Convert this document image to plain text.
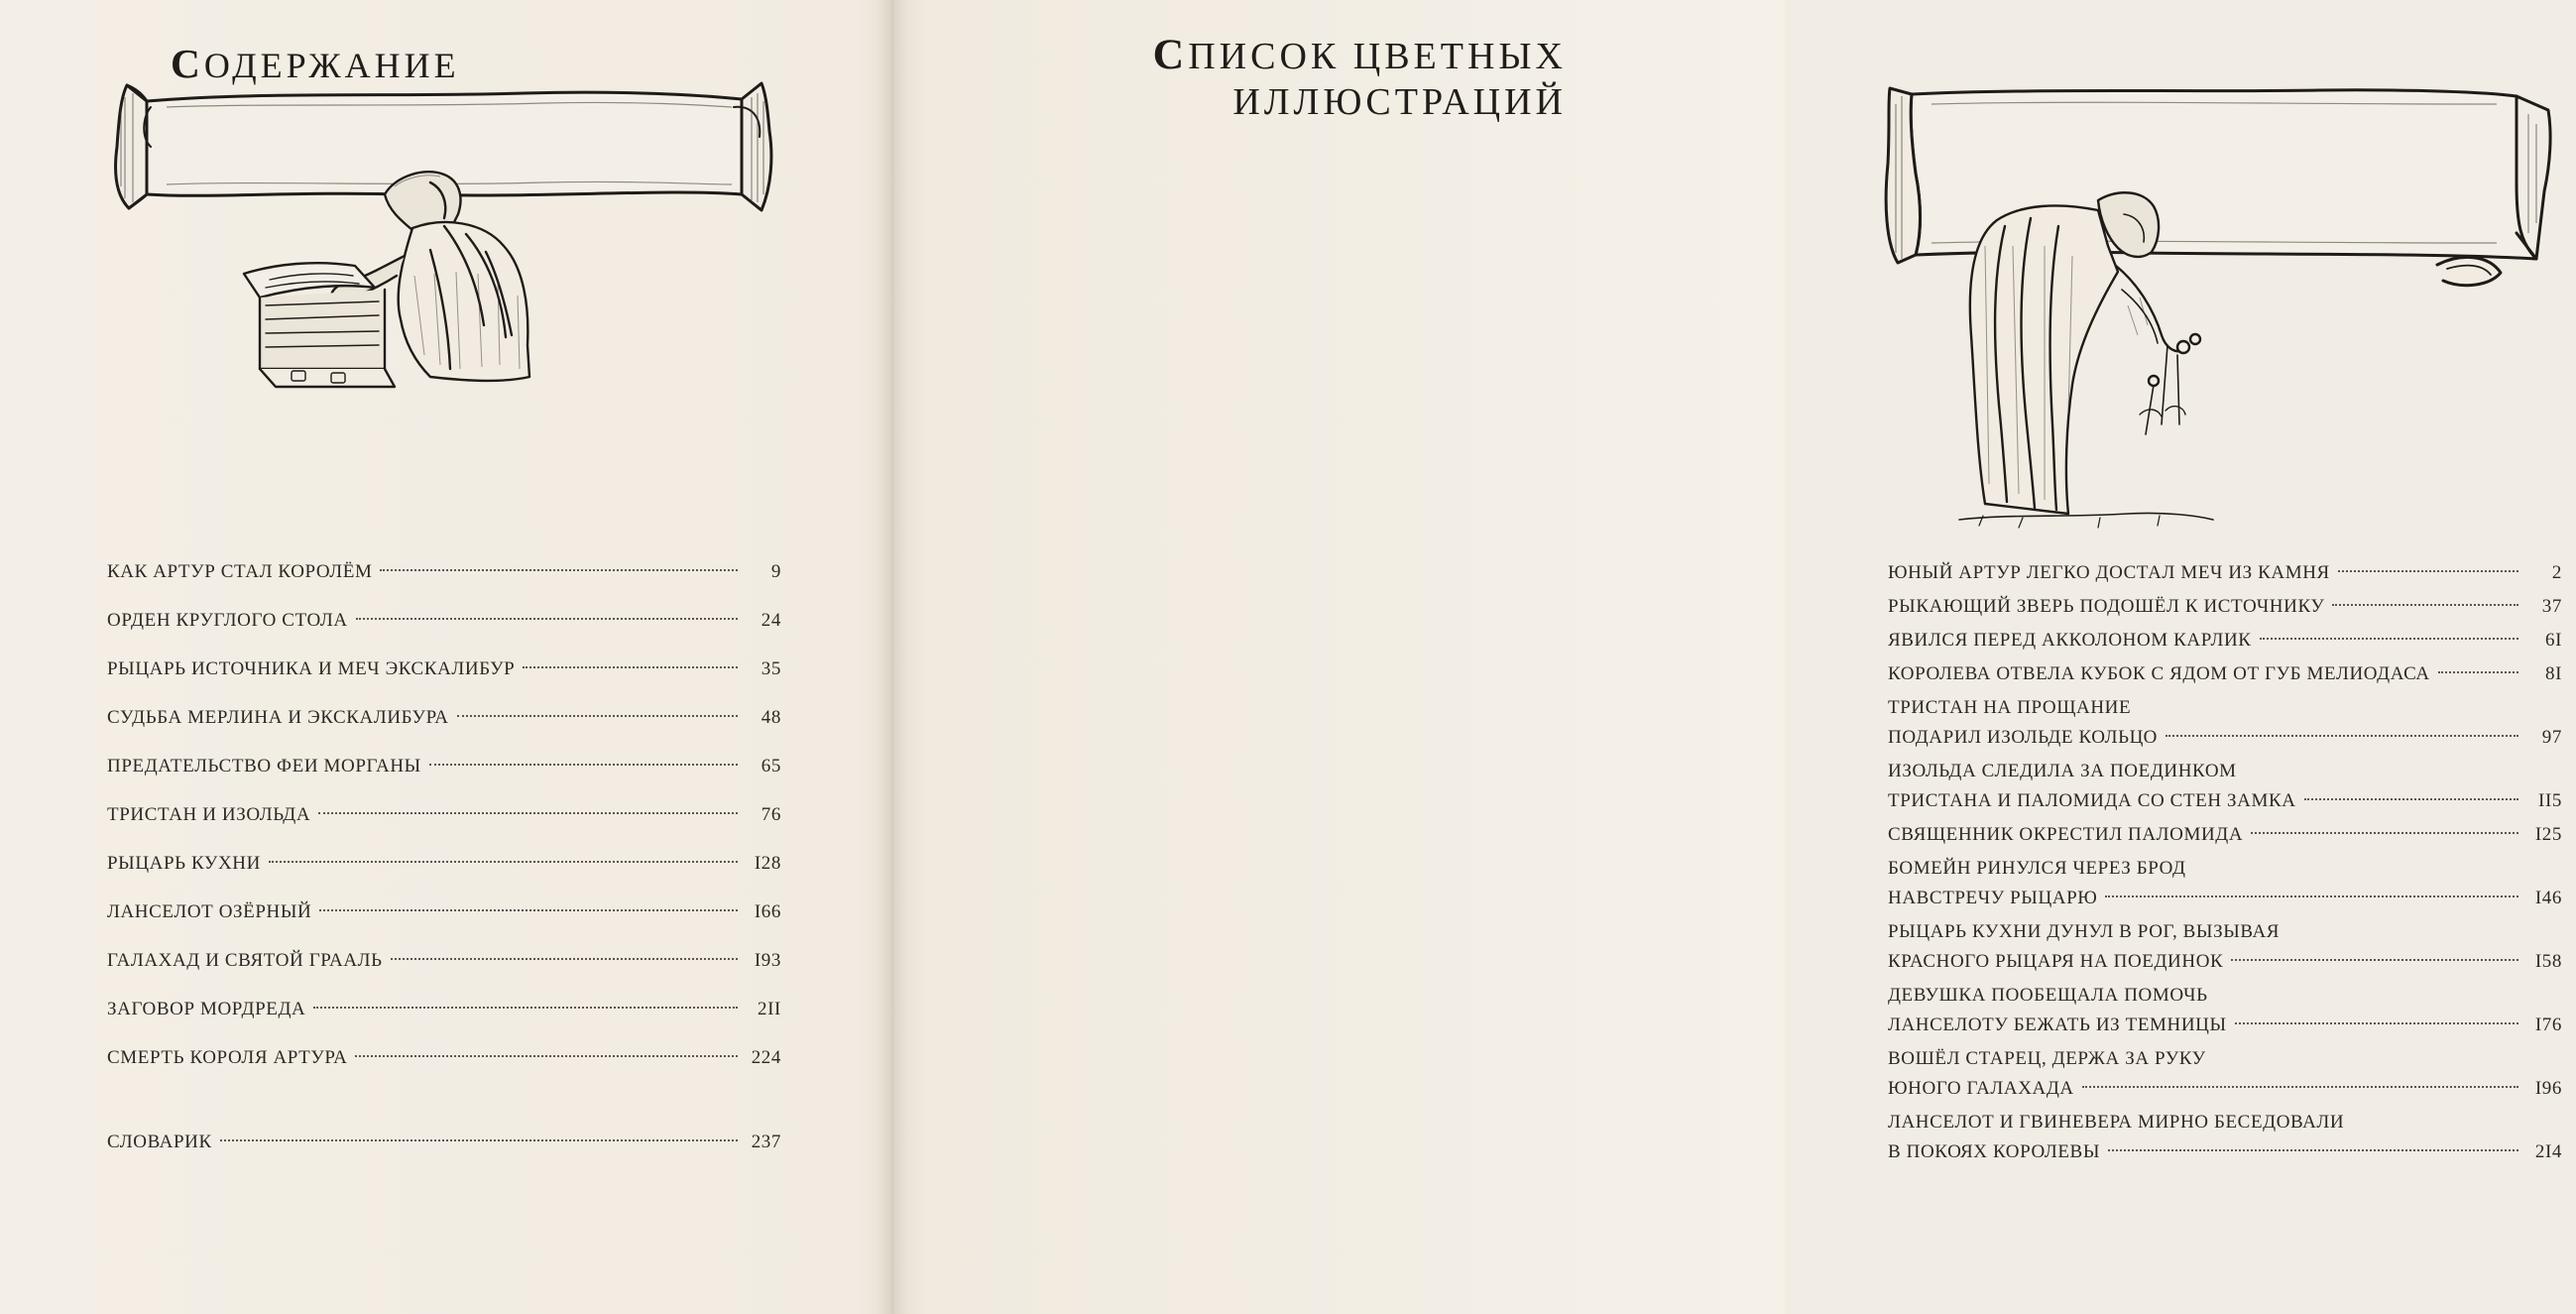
СОДЕРЖАНИЕ
КАК АРТУР СТАЛ КОРОЛЁМ	9
ОРДЕН КРУГЛОГО СТОЛА	24
РЫЦАРЬ ИСТОЧНИКА И МЕЧ ЭКСКАЛИБУР	35
СУДЬБА МЕРЛИНА И ЭКСКАЛИБУРА	48
ПРЕДАТЕЛЬСТВО ФЕИ МОРГАНЫ	65
ТРИСТАН И ИЗОЛЬДА	76
РЫЦАРЬ КУХНИ	I28
ЛАНСЕЛОТ ОЗЁРНЫЙ	I66
ГАЛАХАД И СВЯТОЙ ГРААЛЬ	I93
ЗАГОВОР МОРДРЕДА	2II
СМЕРТЬ КОРОЛЯ АРТУРА	224
СЛОВАРИК	237
СПИСОК ЦВЕТНЫХ
ИЛЛЮСТРАЦИЙ
ЮНЫЙ АРТУР ЛЕГКО ДОСТАЛ МЕЧ ИЗ КАМНЯ	2
РЫКАЮЩИЙ ЗВЕРЬ ПОДОШЁЛ К ИСТОЧНИКУ	37
ЯВИЛСЯ ПЕРЕД АККОЛОНОМ КАРЛИК	6I
КОРОЛЕВА ОТВЕЛА КУБОК С ЯДОМ ОТ ГУБ МЕЛИОДАСА	8I
ТРИСТАН НА ПРОЩАНИЕ
ПОДАРИЛ ИЗОЛЬДЕ КОЛЬЦО	97
ИЗОЛЬДА СЛЕДИЛА ЗА ПОЕДИНКОМ
ТРИСТАНА И ПАЛОМИДА СО СТЕН ЗАМКА	II5
СВЯЩЕННИК ОКРЕСТИЛ ПАЛОМИДА	I25
БОМЕЙН РИНУЛСЯ ЧЕРЕЗ БРОД
НАВСТРЕЧУ РЫЦАРЮ	I46
РЫЦАРЬ КУХНИ ДУНУЛ В РОГ, ВЫЗЫВАЯ
КРАСНОГО РЫЦАРЯ НА ПОЕДИНОК	I58
ДЕВУШКА ПООБЕЩАЛА ПОМОЧЬ
ЛАНСЕЛОТУ БЕЖАТЬ ИЗ ТЕМНИЦЫ	I76
ВОШЁЛ СТАРЕЦ, ДЕРЖА ЗА РУКУ
ЮНОГО ГАЛАХАДА	I96
ЛАНСЕЛОТ И ГВИНЕВЕРА МИРНО БЕСЕДОВАЛИ
В ПОКОЯХ КОРОЛЕВЫ	2I4
